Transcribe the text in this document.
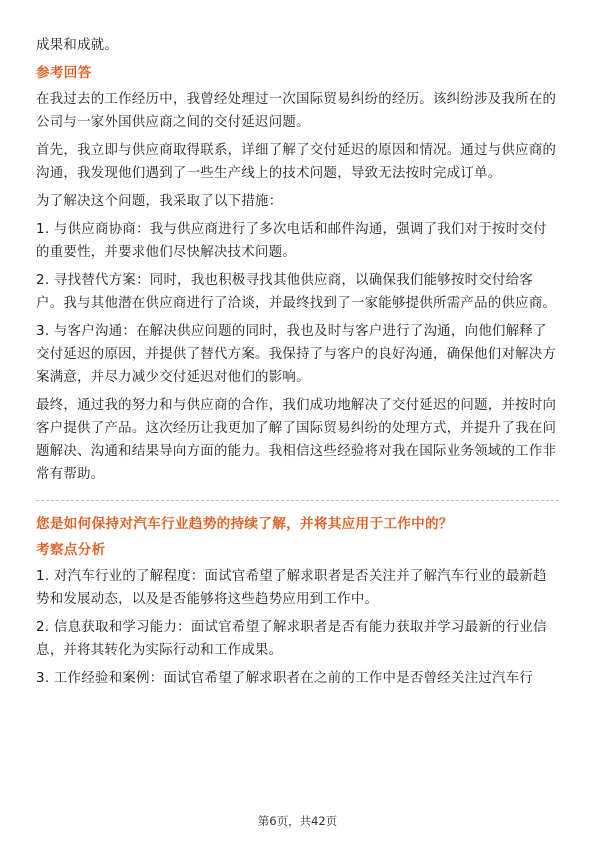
成果和成就。

参考回答

在我过去的工作经历中，我曾经处理过一次国际贸易纠纷的经历。该纠纷涉及我所在的公司与一家外国供应商之间的交付延迟问题。

首先，我立即与供应商取得联系，详细了解了交付延迟的原因和情况。通过与供应商的沟通，我发现他们遇到了一些生产线上的技术问题，导致无法按时完成订单。

为了解决这个问题，我采取了以下措施：

1. 与供应商协商：我与供应商进行了多次电话和邮件沟通，强调了我们对于按时交付的重要性，并要求他们尽快解决技术问题。

2. 寻找替代方案：同时，我也积极寻找其他供应商，以确保我们能够按时交付给客户。我与其他潜在供应商进行了洽谈，并最终找到了一家能够提供所需产品的供应商。

3. 与客户沟通：在解决供应问题的同时，我也及时与客户进行了沟通，向他们解释了交付延迟的原因，并提供了替代方案。我保持了与客户的良好沟通，确保他们对解决方案满意，并尽力减少交付延迟对他们的影响。

最终，通过我的努力和与供应商的合作，我们成功地解决了交付延迟的问题，并按时向客户提供了产品。这次经历让我更加了解了国际贸易纠纷的处理方式，并提升了我在问题解决、沟通和结果导向方面的能力。我相信这些经验将对我在国际业务领域的工作非常有帮助。

您是如何保持对汽车行业趋势的持续了解，并将其应用于工作中的？
考察点分析

1. 对汽车行业的了解程度：面试官希望了解求职者是否关注并了解汽车行业的最新趋势和发展动态，以及是否能够将这些趋势应用到工作中。

2. 信息获取和学习能力：面试官希望了解求职者是否有能力获取并学习最新的行业信息，并将其转化为实际行动和工作成果。

3. 工作经验和案例：面试官希望了解求职者在之前的工作中是否曾经关注过汽车行

第6页，共42页
